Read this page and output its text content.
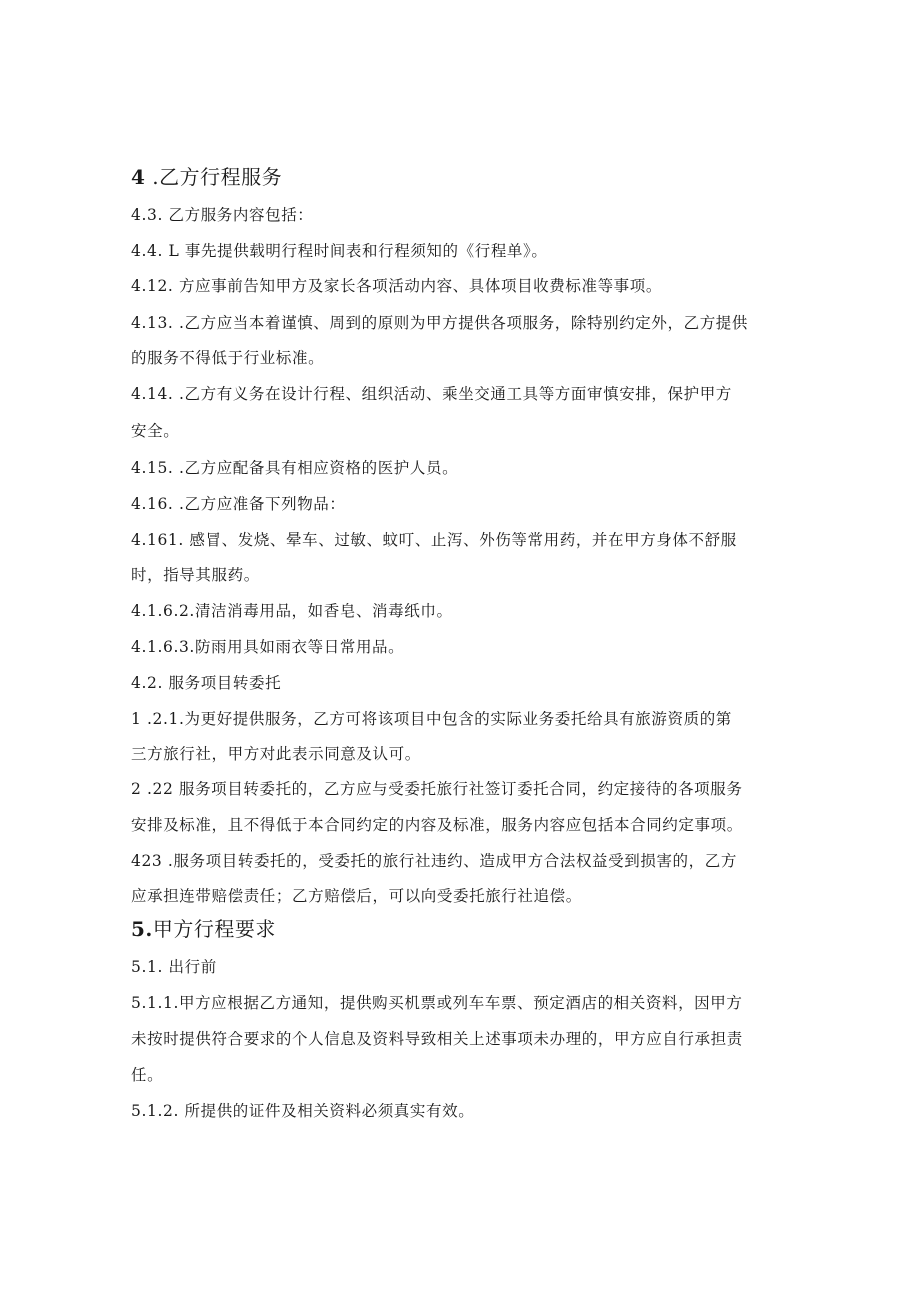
4 .乙方行程服务
4.3. 乙方服务内容包括：
4.4. L 事先提供载明行程时间表和行程须知的《行程单》。
4.12. 方应事前告知甲方及家长各项活动内容、具体项目收费标准等事项。
4.13. .乙方应当本着谨慎、周到的原则为甲方提供各项服务，除特别约定外，乙方提供
的服务不得低于行业标准。
4.14. .乙方有义务在设计行程、组织活动、乘坐交通工具等方面审慎安排，保护甲方
安全。
4.15. .乙方应配备具有相应资格的医护人员。
4.16. .乙方应准备下列物品：
4.161. 感冒、发烧、晕车、过敏、蚊叮、止泻、外伤等常用药，并在甲方身体不舒服
时，指导其服药。
4.1.6.2.清洁消毒用品，如香皂、消毒纸巾。
4.1.6.3.防雨用具如雨衣等日常用品。
4.2. 服务项目转委托
1 .2.1.为更好提供服务，乙方可将该项目中包含的实际业务委托给具有旅游资质的第
三方旅行社，甲方对此表示同意及认可。
2 .22 服务项目转委托的，乙方应与受委托旅行社签订委托合同，约定接待的各项服务
安排及标准，且不得低于本合同约定的内容及标准，服务内容应包括本合同约定事项。
423 .服务项目转委托的，受委托的旅行社违约、造成甲方合法权益受到损害的，乙方
应承担连带赔偿责任；乙方赔偿后，可以向受委托旅行社追偿。
5.甲方行程要求
5.1. 出行前
5.1.1.甲方应根据乙方通知，提供购买机票或列车车票、预定酒店的相关资料，因甲方
未按时提供符合要求的个人信息及资料导致相关上述事项未办理的，甲方应自行承担责
任。
5.1.2. 所提供的证件及相关资料必须真实有效。
